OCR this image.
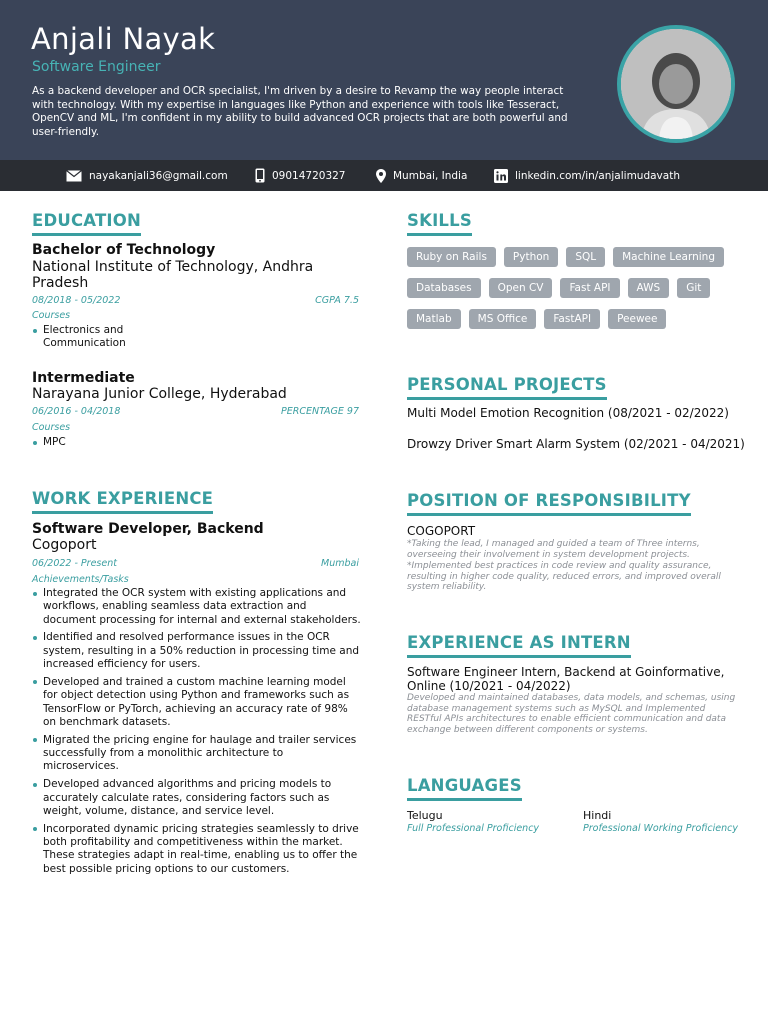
Anjali Nayak
Software Engineer
As a backend developer and OCR specialist, I'm driven by a desire to Revamp the way people interact with technology. With my expertise in languages like Python and experience with tools like Tesseract, OpenCV and ML, I'm confident in my ability to build advanced OCR projects that are both powerful and user-friendly.
nayakanjali36@gmail.com	09014720327	Mumbai, India	linkedin.com/in/anjalimudavath
EDUCATION
Bachelor of Technology
National Institute of Technology, Andhra Pradesh
08/2018 - 05/2022	CGPA 7.5
Courses
Electronics and Communication
Intermediate
Narayana Junior College, Hyderabad
06/2016 - 04/2018	PERCENTAGE 97
Courses
MPC
WORK EXPERIENCE
Software Developer, Backend
Cogoport
06/2022 - Present	Mumbai
Achievements/Tasks
Integrated the OCR system with existing applications and workflows, enabling seamless data extraction and document processing for internal and external stakeholders.
Identified and resolved performance issues in the OCR system, resulting in a 50% reduction in processing time and increased efficiency for users.
Developed and trained a custom machine learning model for object detection using Python and frameworks such as TensorFlow or PyTorch, achieving an accuracy rate of 98% on benchmark datasets.
Migrated the pricing engine for haulage and trailer services successfully from a monolithic architecture to microservices.
Developed advanced algorithms and pricing models to accurately calculate rates, considering factors such as weight, volume, distance, and service level.
Incorporated dynamic pricing strategies seamlessly to drive both profitability and competitiveness within the market. These strategies adapt in real-time, enabling us to offer the best possible pricing options to our customers.
SKILLS
Ruby on Rails	Python	SQL	Machine Learning
Databases	Open CV	Fast API	AWS	Git
Matlab	MS Office	FastAPI	Peewee
PERSONAL PROJECTS
Multi Model Emotion Recognition (08/2021 - 02/2022)
Drowzy Driver Smart Alarm System (02/2021 - 04/2021)
POSITION OF RESPONSIBILITY
COGOPORT
*Taking the lead, I managed and guided a team of Three interns, overseeing their involvement in system development projects.
*Implemented best practices in code review and quality assurance, resulting in higher code quality, reduced errors, and improved overall system reliability.
EXPERIENCE AS INTERN
Software Engineer Intern, Backend at Goinformative, Online (10/2021 - 04/2022)
Developed and maintained databases, data models, and schemas, using database management systems such as MySQL and Implemented RESTful APIs architectures to enable efficient communication and data exchange between different components or systems.
LANGUAGES
Telugu
Full Professional Proficiency
Hindi
Professional Working Proficiency
